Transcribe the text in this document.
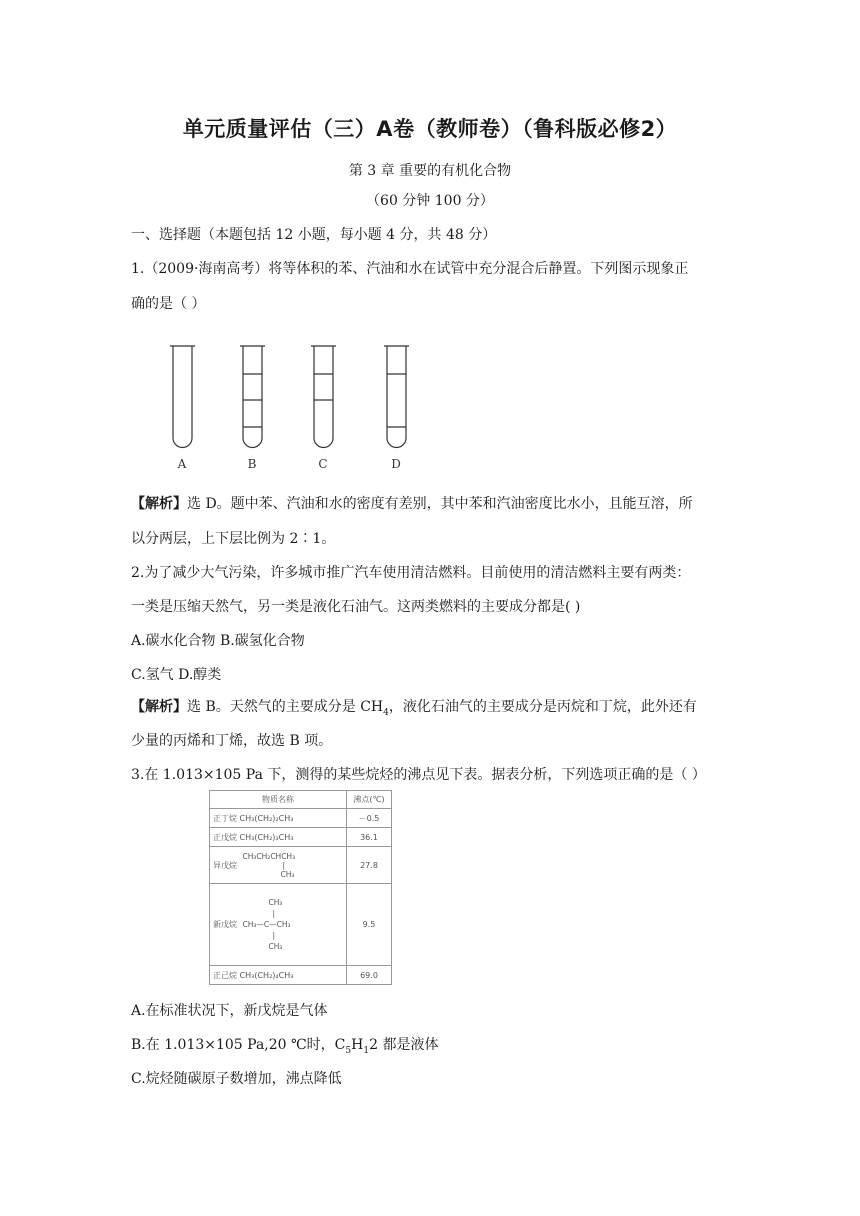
单元质量评估（三）A卷（教师卷）（鲁科版必修2）
第 3 章 重要的有机化合物
（60 分钟 100 分）
一、选择题（本题包括 12 小题，每小题 4 分，共 48 分）
1.（2009·海南高考）将等体积的苯、汽油和水在试管中充分混合后静置。下列图示现象正
确的是（ ）
A	B	C	D
【解析】选 D。题中苯、汽油和水的密度有差别，其中苯和汽油密度比水小，且能互溶，所
以分两层，上下层比例为 2∶1。
2.为了减少大气污染，许多城市推广汽车使用清洁燃料。目前使用的清洁燃料主要有两类：
一类是压缩天然气，另一类是液化石油气。这两类燃料的主要成分都是( )
A.碳水化合物 B.碳氢化合物
C.氢气 D.醇类
【解析】选 B。天然气的主要成分是 $CH_4$，液化石油气的主要成分是丙烷和丁烷，此外还有
少量的丙烯和丁烯，故选 B 项。
3.在 1.013×105 Pa 下，测得的某些烷烃的沸点见下表。据表分析，下列选项正确的是（ ）
物质名称	沸点(℃)
正丁烷 CH₃(CH₂)₂CH₃	－0.5
正戊烷 CH₃(CH₂)₃CH₃	36.1
异戊烷 CH₃CH₂CHCH₃
|
CH₃	27.8
新戊烷 CH₃
|
CH₃—C—CH₃
|
CH₃	9.5
正己烷 CH₃(CH₂)₄CH₃	69.0
A.在标准状况下，新戊烷是气体
B.在 1.013×105 Pa,20 ℃时，$C_5H_12$ 都是液体
C.烷烃随碳原子数增加，沸点降低
